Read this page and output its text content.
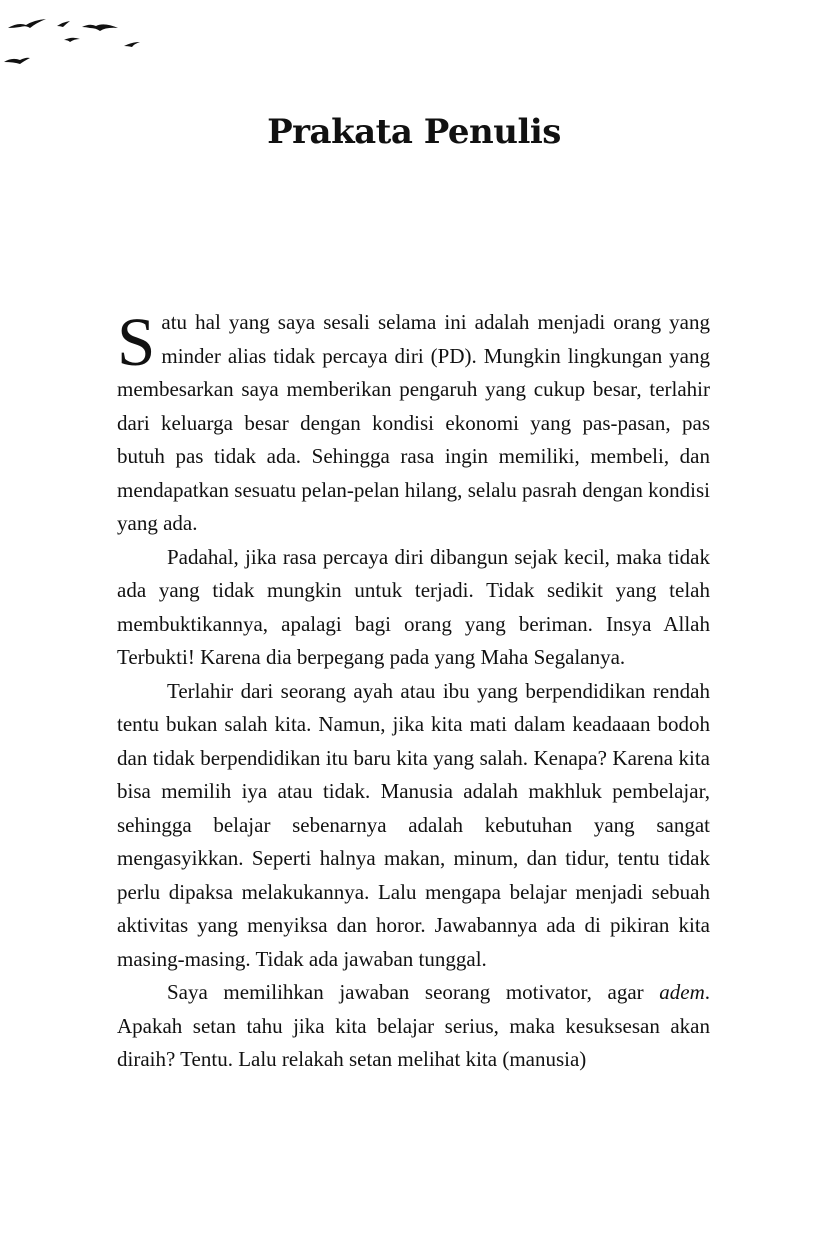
Prakata Penulis

Satu hal yang saya sesali selama ini adalah menjadi orang yang minder alias tidak percaya diri (PD). Mungkin lingkungan yang membesarkan saya memberikan pengaruh yang cukup besar, terlahir dari keluarga besar dengan kondisi ekonomi yang pas-pasan, pas butuh pas tidak ada. Sehingga rasa ingin memiliki, membeli, dan mendapatkan sesuatu pelan-pelan hilang, selalu pasrah dengan kondisi yang ada.

Padahal, jika rasa percaya diri dibangun sejak kecil, maka tidak ada yang tidak mungkin untuk terjadi. Tidak sedikit yang telah membuktikannya, apalagi bagi orang yang beriman. Insya Allah Terbukti! Karena dia berpegang pada yang Maha Segalanya.

Terlahir dari seorang ayah atau ibu yang berpendidikan rendah tentu bukan salah kita. Namun, jika kita mati dalam keadaaan bodoh dan tidak berpendidikan itu baru kita yang salah. Kenapa? Karena kita bisa memilih iya atau tidak. Manusia adalah makhluk pembelajar, sehingga belajar sebenarnya adalah kebutuhan yang sangat mengasyikkan. Seperti halnya makan, minum, dan tidur, tentu tidak perlu dipaksa melakukannya. Lalu mengapa belajar menjadi sebuah aktivitas yang menyiksa dan horor. Jawabannya ada di pikiran kita masing-masing. Tidak ada jawaban tunggal.

Saya memilihkan jawaban seorang motivator, agar adem. Apakah setan tahu jika kita belajar serius, maka kesuksesan akan diraih? Tentu. Lalu relakah setan melihat kita (manusia)
